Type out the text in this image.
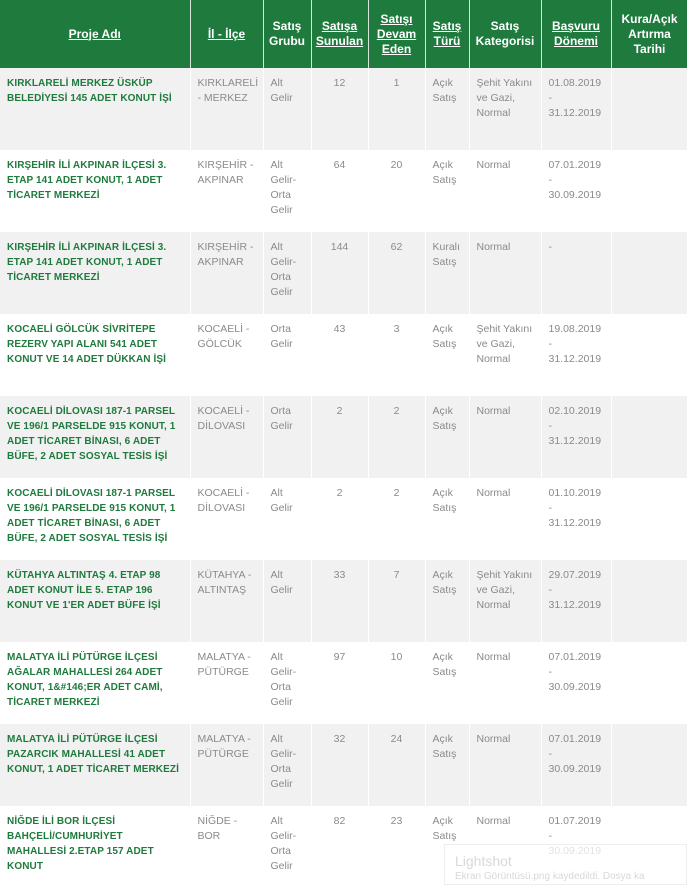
Proje Adı	İl - İlçe	Satış Grubu	Satışa Sunulan	Satışı Devam Eden	Satış Türü	Satış Kategorisi	Başvuru Dönemi	Kura/Açık Artırma Tarihi
KIRKLARELİ MERKEZ ÜSKÜP BELEDİYESİ 145 ADET KONUT İŞİ	KIRKLARELİ - MERKEZ	Alt Gelir	12	1	Açık Satış	Şehit Yakını ve Gazi, Normal	01.08.2019 - 31.12.2019	
KIRŞEHİR İLİ AKPINAR İLÇESİ 3. ETAP 141 ADET KONUT, 1 ADET TİCARET MERKEZİ	KIRŞEHİR - AKPINAR	Alt Gelir-Orta Gelir	64	20	Açık Satış	Normal	07.01.2019 - 30.09.2019	
KIRŞEHİR İLİ AKPINAR İLÇESİ 3. ETAP 141 ADET KONUT, 1 ADET TİCARET MERKEZİ	KIRŞEHİR - AKPINAR	Alt Gelir-Orta Gelir	144	62	Kuralı Satış	Normal	-	
KOCAELİ GÖLCÜK SİVRİTEPE REZERV YAPI ALANI 541 ADET KONUT VE 14 ADET DÜKKAN İŞİ	KOCAELİ - GÖLCÜK	Orta Gelir	43	3	Açık Satış	Şehit Yakını ve Gazi, Normal	19.08.2019 - 31.12.2019	
KOCAELİ DİLOVASI 187-1 PARSEL VE 196/1 PARSELDE 915 KONUT, 1 ADET TİCARET BİNASI, 6 ADET BÜFE, 2 ADET SOSYAL TESİS İŞİ	KOCAELİ - DİLOVASI	Orta Gelir	2	2	Açık Satış	Normal	02.10.2019 - 31.12.2019	
KOCAELİ DİLOVASI 187-1 PARSEL VE 196/1 PARSELDE 915 KONUT, 1 ADET TİCARET BİNASI, 6 ADET BÜFE, 2 ADET SOSYAL TESİS İŞİ	KOCAELİ - DİLOVASI	Alt Gelir	2	2	Açık Satış	Normal	01.10.2019 - 31.12.2019	
KÜTAHYA ALTINTAŞ 4. ETAP 98 ADET KONUT İLE 5. ETAP 196 KONUT VE 1'ER ADET BÜFE İŞİ	KÜTAHYA - ALTINTAŞ	Alt Gelir	33	7	Açık Satış	Şehit Yakını ve Gazi, Normal	29.07.2019 - 31.12.2019	
MALATYA İLİ PÜTÜRGE İLÇESİ AĞALAR MAHALLESİ 264 ADET KONUT, 1&#146;ER ADET CAMİ, TİCARET MERKEZİ	MALATYA - PÜTÜRGE	Alt Gelir-Orta Gelir	97	10	Açık Satış	Normal	07.01.2019 - 30.09.2019	
MALATYA İLİ PÜTÜRGE İLÇESİ PAZARCIK MAHALLESİ 41 ADET KONUT, 1 ADET TİCARET MERKEZİ	MALATYA - PÜTÜRGE	Alt Gelir-Orta Gelir	32	24	Açık Satış	Normal	07.01.2019 - 30.09.2019	
NİĞDE İLİ BOR İLÇESİ BAHÇELİ/CUMHURİYET MAHALLESİ 2.ETAP 157 ADET KONUT	NİĞDE - BOR	Alt Gelir-Orta Gelir	82	23	Açık Satış	Normal	01.07.2019 -	
Lightshot
Ekran Görüntüsü.png kaydedildi. Dosya ka
